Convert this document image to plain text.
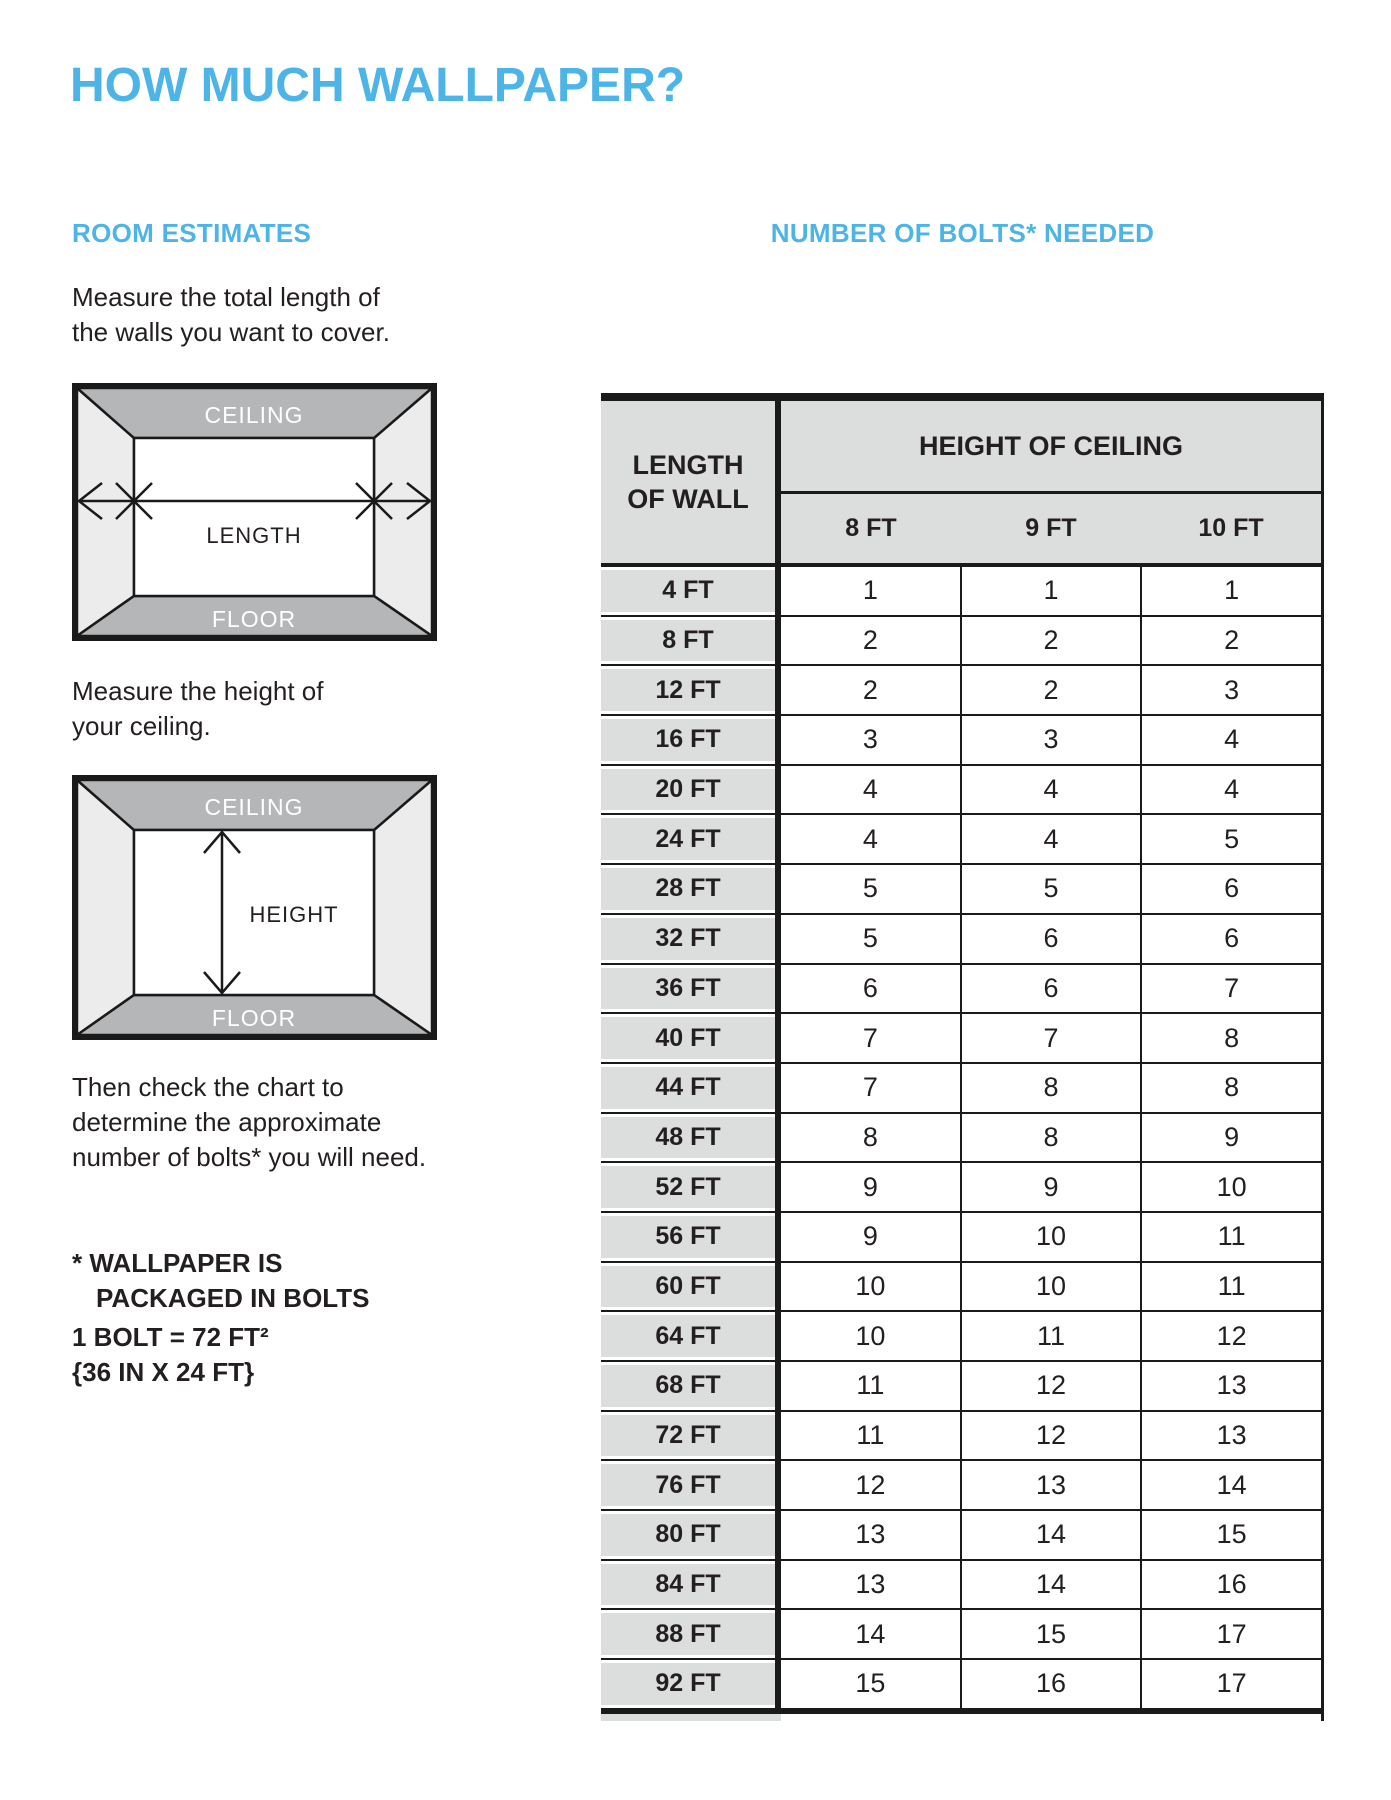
HOW MUCH WALLPAPER?
ROOM ESTIMATES
Measure the total length of
the walls you want to cover.
CEILING
FLOOR
LENGTH
Measure the height of
your ceiling.
CEILING
FLOOR
HEIGHT
Then check the chart to
determine the approximate
number of bolts* you will need.
* WALLPAPER IS
PACKAGED IN BOLTS
1 BOLT = 72 FT²
{36 IN X 24 FT}
NUMBER OF BOLTS* NEEDED
LENGTH
OF WALL
HEIGHT OF CEILING
8 FT	9 FT	10 FT
4 FT	1	1	1
8 FT	2	2	2
12 FT	2	2	3
16 FT	3	3	4
20 FT	4	4	4
24 FT	4	4	5
28 FT	5	5	6
32 FT	5	6	6
36 FT	6	6	7
40 FT	7	7	8
44 FT	7	8	8
48 FT	8	8	9
52 FT	9	9	10
56 FT	9	10	11
60 FT	10	10	11
64 FT	10	11	12
68 FT	11	12	13
72 FT	11	12	13
76 FT	12	13	14
80 FT	13	14	15
84 FT	13	14	16
88 FT	14	15	17
92 FT	15	16	17
